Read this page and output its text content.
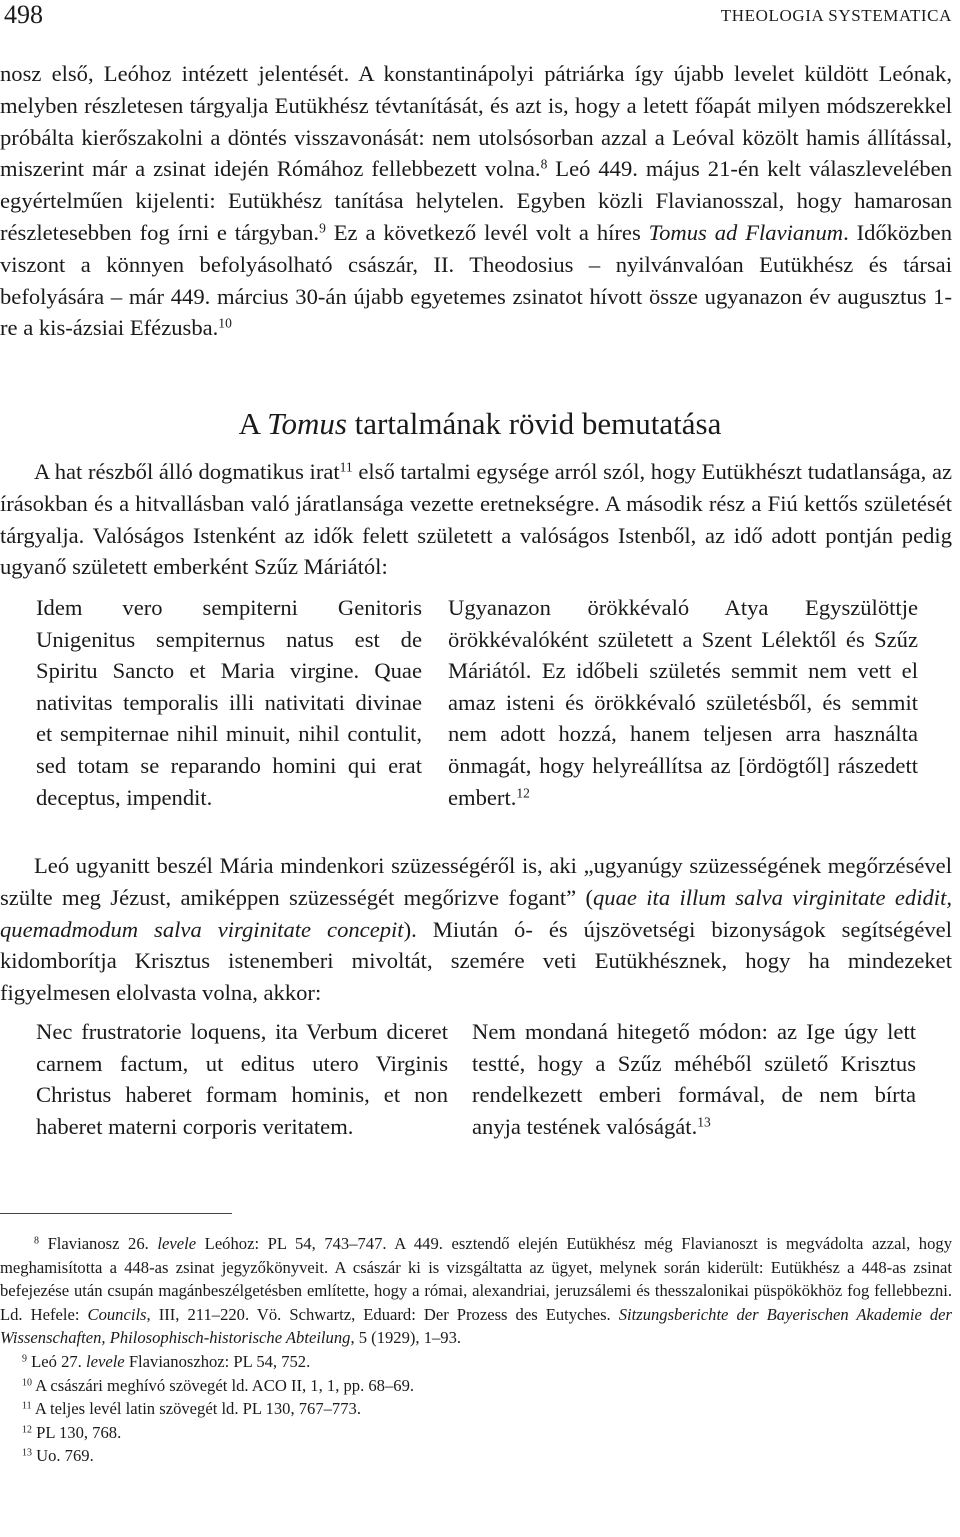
498	THEOLOGIA SYSTEMATICA

nosz első, Leóhoz intézett jelentését. A konstantinápolyi pátriárka így újabb levelet küldött Leónak, melyben részletesen tárgyalja Eutükhész tévtanítását, és azt is, hogy a letett főapát milyen módszerekkel próbálta kierőszakolni a döntés visszavonását: nem utolsósorban azzal a Leóval közölt hamis állítással, miszerint már a zsinat idején Rómához fellebbezett volna.$^8$ Leó 449. május 21-én kelt válaszlevelében egyértelműen kijelenti: Eutükhész tanítása helytelen. Egyben közli Flavianosszal, hogy hamarosan részletesebben fog írni e tárgyban.$^9$ Ez a következő levél volt a híres Tomus ad Flavianum. Időközben viszont a könnyen befolyásolható császár, II. Theodosius – nyilvánvalóan Eutükhész és társai befolyására – már 449. március 30-án újabb egyetemes zsinatot hívott össze ugyanazon év augusztus 1-re a kis-ázsiai Efézusba.$^{10}$

A Tomus tartalmának rövid bemutatása

A hat részből álló dogmatikus irat$^{11}$ első tartalmi egysége arról szól, hogy Eutükhészt tudatlansága, az írásokban és a hitvallásban való járatlansága vezette eretnekségre. A második rész a Fiú kettős születését tárgyalja. Valóságos Istenként az idők felett született a valóságos Istenből, az idő adott pontján pedig ugyanő született emberként Szűz Máriától:

Idem vero sempiterni Genitoris Unigenitus sempiternus natus est de Spiritu Sancto et Maria virgine. Quae nativitas temporalis illi nativitati divinae et sempiternae nihil minuit, nihil contulit, sed totam se reparando homini qui erat deceptus, impendit.

Ugyanazon örökkévaló Atya Egyszülöttje örökkévalóként született a Szent Lélektől és Szűz Máriától. Ez időbeli születés semmit nem vett el amaz isteni és örökkévaló születésből, és semmit nem adott hozzá, hanem teljesen arra használta önmagát, hogy helyreállítsa az [ördögtől] rászedett embert.$^{12}$

Leó ugyanitt beszél Mária mindenkori szüzességéről is, aki „ugyanúgy szüzességének megőrzésével szülte meg Jézust, amiképpen szüzességét megőrizve fogant” (quae ita illum salva virginitate edidit, quemadmodum salva virginitate concepit). Miután ó- és újszövetségi bizonyságok segítségével kidomborítja Krisztus istenemberi mivoltát, szemére veti Eutükhésznek, hogy ha mindezeket figyelmesen elolvasta volna, akkor:

Nec frustratorie loquens, ita Verbum diceret carnem factum, ut editus utero Virginis Christus haberet formam hominis, et non haberet materni corporis veritatem.

Nem mondaná hitegető módon: az Ige úgy lett testté, hogy a Szűz méhéből születő Krisztus rendelkezett emberi formával, de nem bírta anyja testének valóságát.$^{13}$

$^8$ Flavianosz 26. levele Leóhoz: PL 54, 743–747. A 449. esztendő elején Eutükhész még Flavianoszt is megvádolta azzal, hogy meghamisította a 448-as zsinat jegyzőkönyveit. A császár ki is vizsgáltatta az ügyet, melynek során kiderült: Eutükhész a 448-as zsinat befejezése után csupán magánbeszélgetésben említette, hogy a római, alexandriai, jeruzsálemi és thesszalonikai püspökökhöz fog fellebbezni. Ld. Hefele: Councils, III, 211–220. Vö. Schwartz, Eduard: Der Prozess des Eutyches. Sitzungsberichte der Bayerischen Akademie der Wissenschaften, Philosophisch-historische Abteilung, 5 (1929), 1–93.

$^9$ Leó 27. levele Flavianoszhoz: PL 54, 752.

$^{10}$ A császári meghívó szövegét ld. ACO II, 1, 1, pp. 68–69.

$^{11}$ A teljes levél latin szövegét ld. PL 130, 767–773.

$^{12}$ PL 130, 768.

$^{13}$ Uo. 769.
